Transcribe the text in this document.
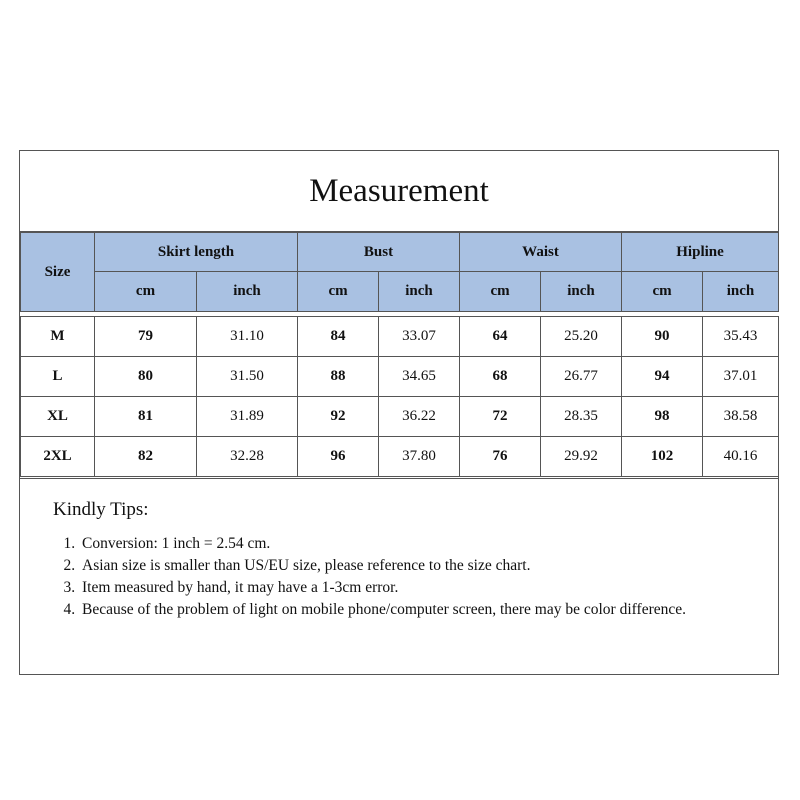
Measurement
Size	Skirt length		Bust		Waist		Hipline	
	cm	inch	cm	inch	cm	inch	cm	inch

M	79	31.10	84	33.07	64	25.20	90	35.43
L	80	31.50	88	34.65	68	26.77	94	37.01
XL	81	31.89	92	36.22	72	28.35	98	38.58
2XL	82	32.28	96	37.80	76	29.92	102	40.16
Kindly Tips:
1. Conversion: 1 inch = 2.54 cm.
2. Asian size is smaller than US/EU size, please reference to the size chart.
3. Item measured by hand, it may have a 1-3cm error.
4. Because of the problem of light on mobile phone/computer screen, there may be color difference.
